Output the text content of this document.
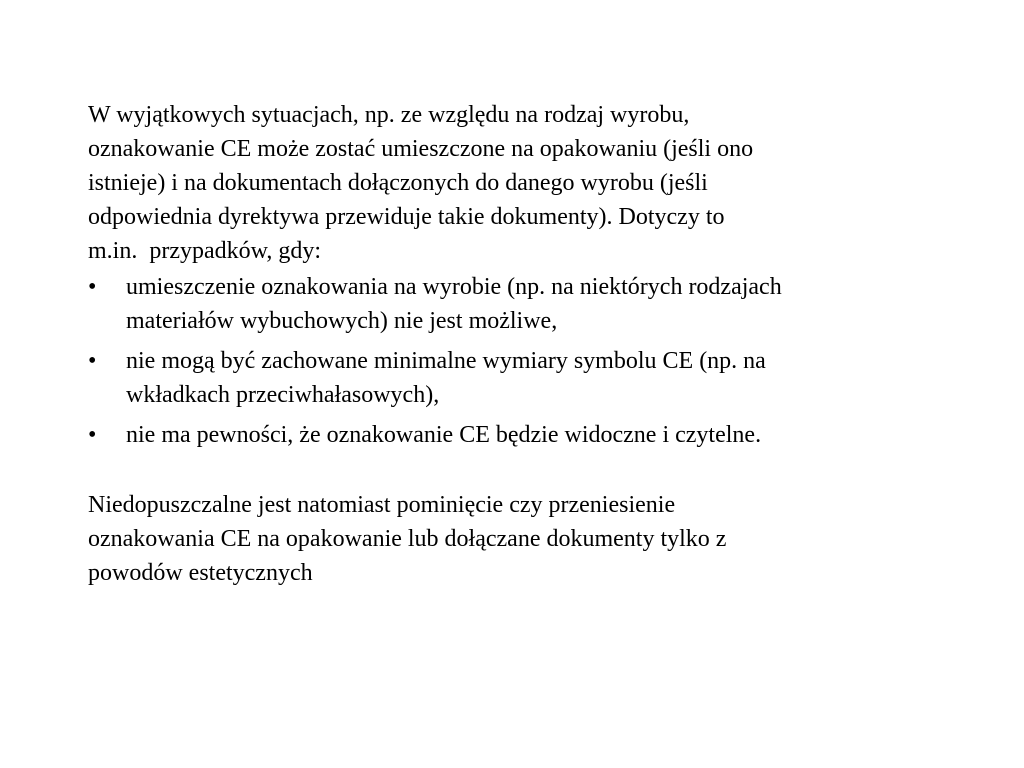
W wyjątkowych sytuacjach, np. ze względu na rodzaj wyrobu,
oznakowanie CE może zostać umieszczone na opakowaniu (jeśli ono
istnieje) i na dokumentach dołączonych do danego wyrobu (jeśli
odpowiednia dyrektywa przewiduje takie dokumenty). Dotyczy to
m.in.  przypadków, gdy:

• umieszczenie oznakowania na wyrobie (np. na niektórych rodzajach
materiałów wybuchowych) nie jest możliwe,
• nie mogą być zachowane minimalne wymiary symbolu CE (np. na
wkładkach przeciwhałasowych),
• nie ma pewności, że oznakowanie CE będzie widoczne i czytelne.

Niedopuszczalne jest natomiast pominięcie czy przeniesienie
oznakowania CE na opakowanie lub dołączane dokumenty tylko z
powodów estetycznych
